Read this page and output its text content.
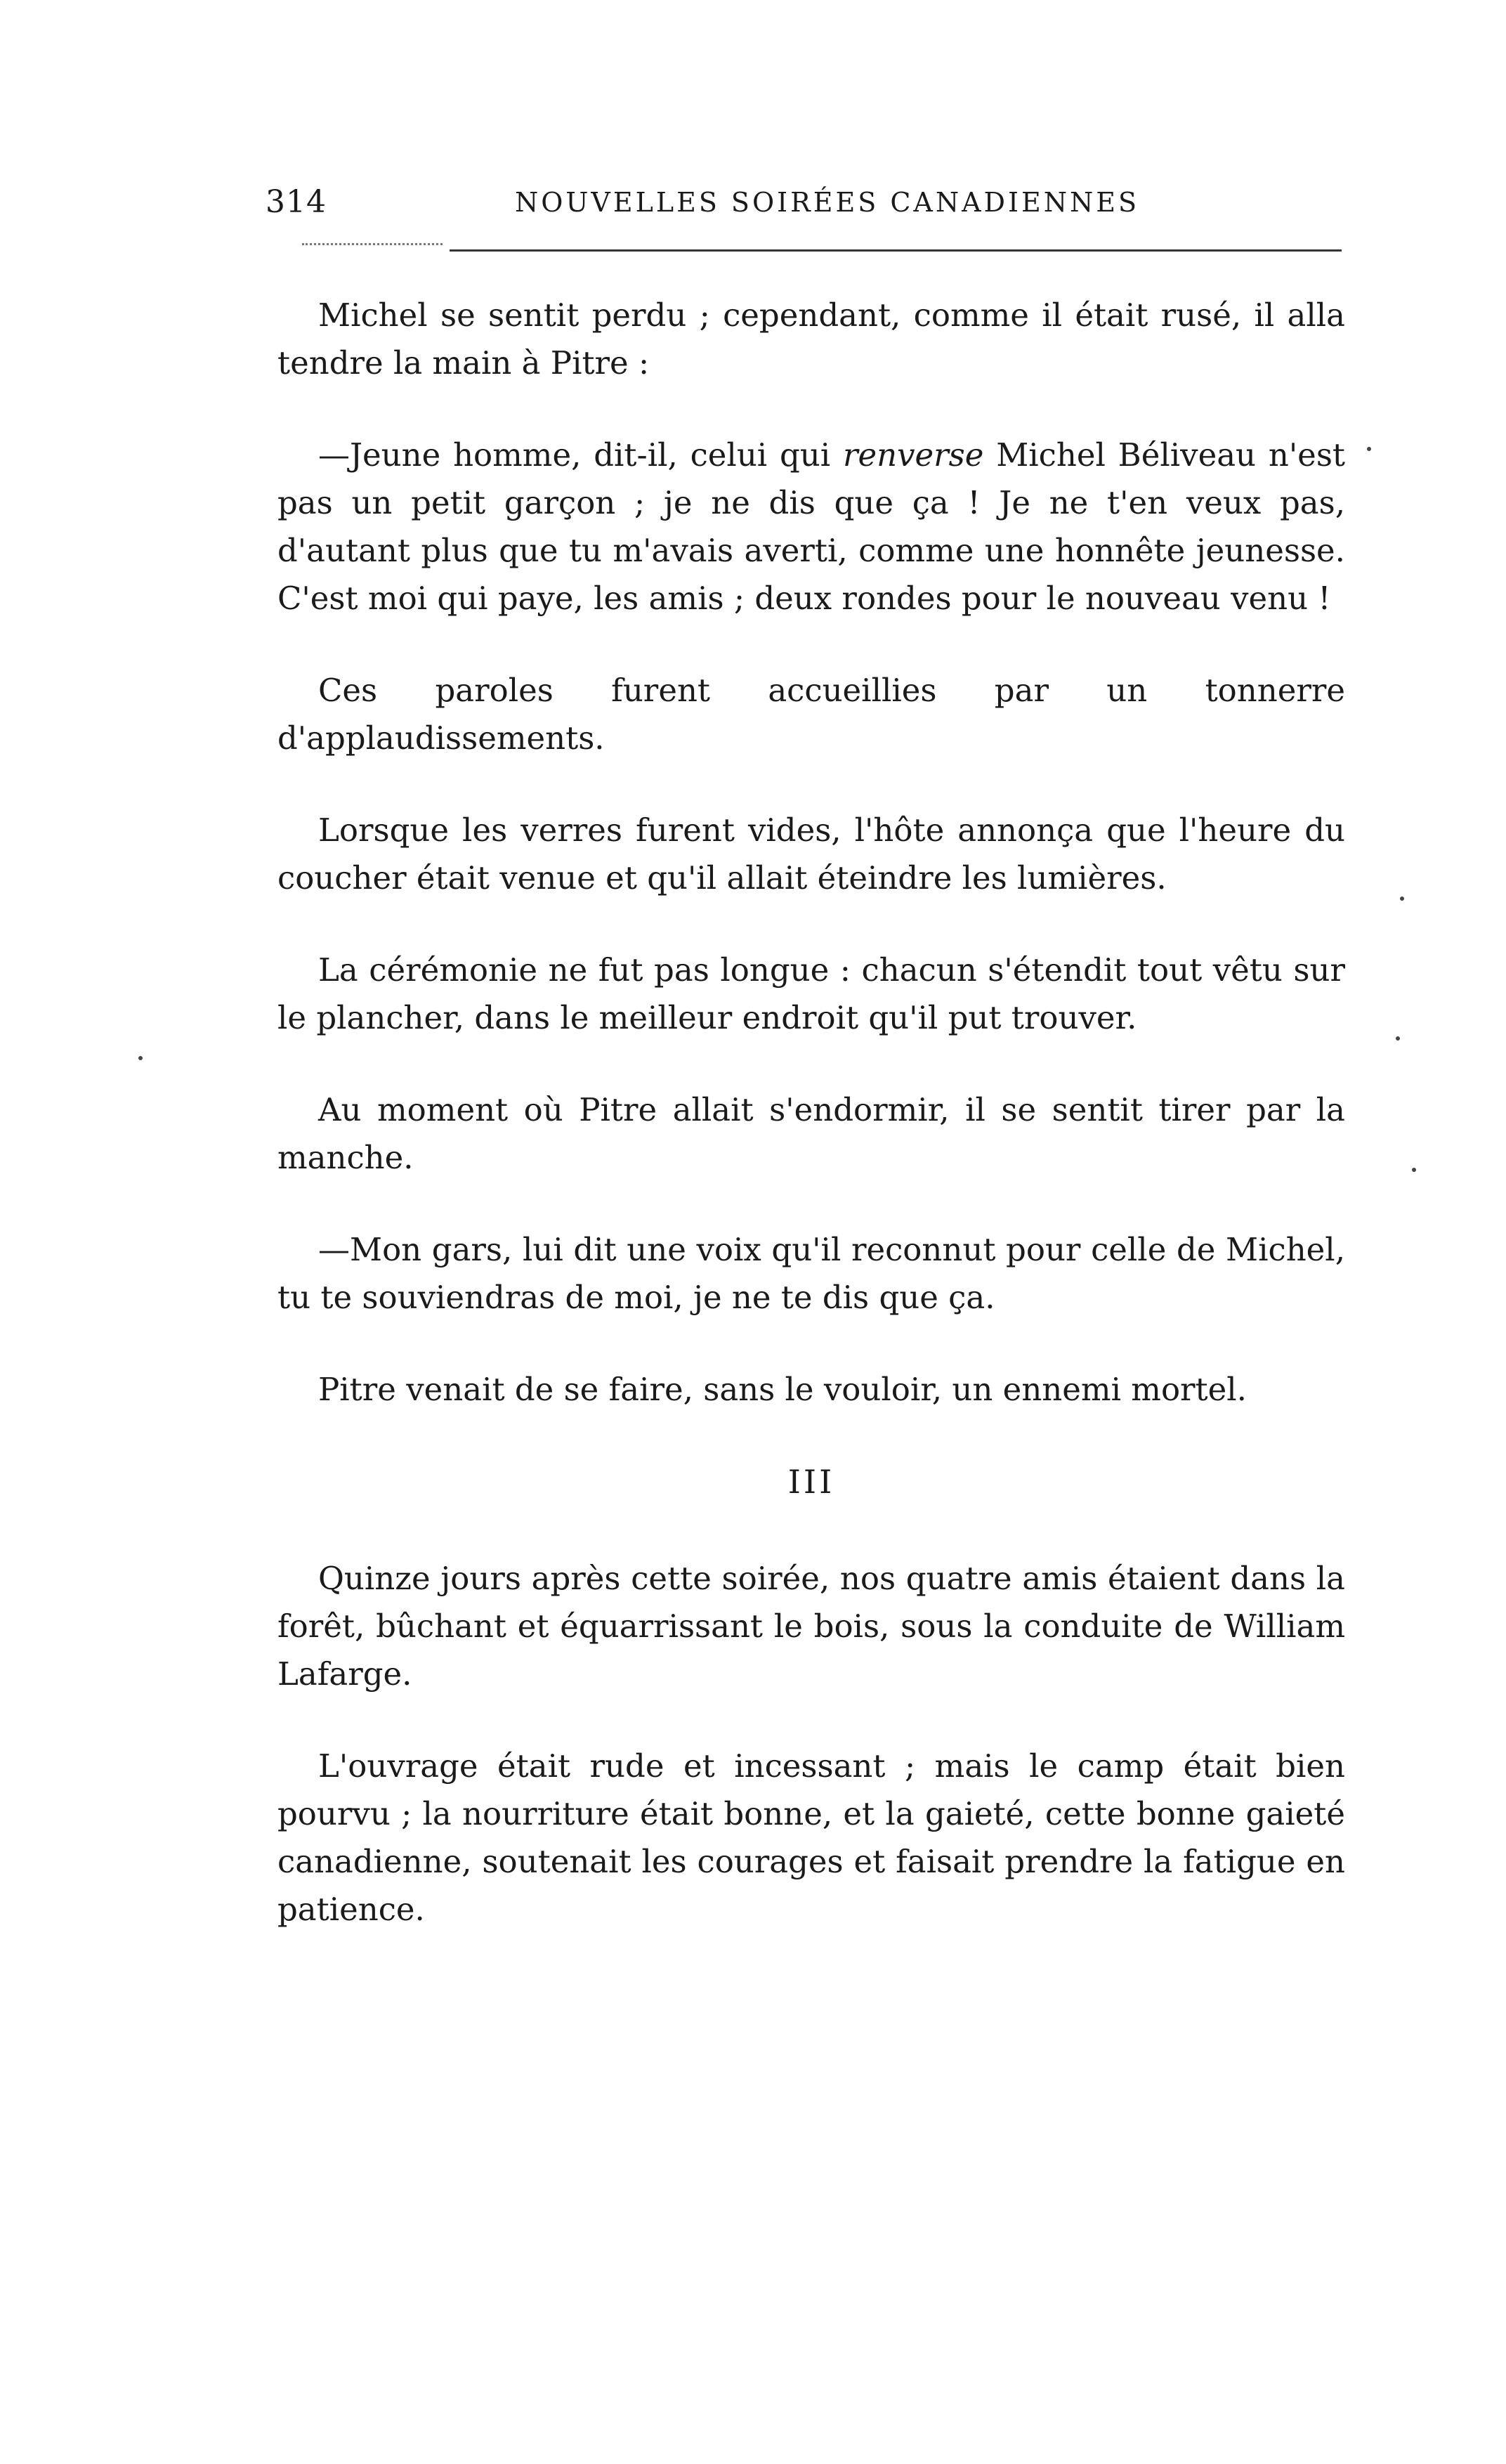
314	NOUVELLES SOIRÉES CANADIENNES

Michel se sentit perdu ; cependant, comme il était rusé, il alla tendre la main à Pitre :

—Jeune homme, dit-il, celui qui renverse Michel Béliveau n'est pas un petit garçon ; je ne dis que ça ! Je ne t'en veux pas, d'autant plus que tu m'avais averti, comme une honnête jeunesse. C'est moi qui paye, les amis ; deux rondes pour le nouveau venu !

Ces paroles furent accueillies par un tonnerre d'applaudissements.

Lorsque les verres furent vides, l'hôte annonça que l'heure du coucher était venue et qu'il allait éteindre les lumières.

La cérémonie ne fut pas longue : chacun s'étendit tout vêtu sur le plancher, dans le meilleur endroit qu'il put trouver.

Au moment où Pitre allait s'endormir, il se sentit tirer par la manche.

—Mon gars, lui dit une voix qu'il reconnut pour celle de Michel, tu te souviendras de moi, je ne te dis que ça.

Pitre venait de se faire, sans le vouloir, un ennemi mortel.

III

Quinze jours après cette soirée, nos quatre amis étaient dans la forêt, bûchant et équarrissant le bois, sous la conduite de William Lafarge.

L'ouvrage était rude et incessant ; mais le camp était bien pourvu ; la nourriture était bonne, et la gaieté, cette bonne gaieté canadienne, soutenait les courages et faisait prendre la fatigue en patience.
